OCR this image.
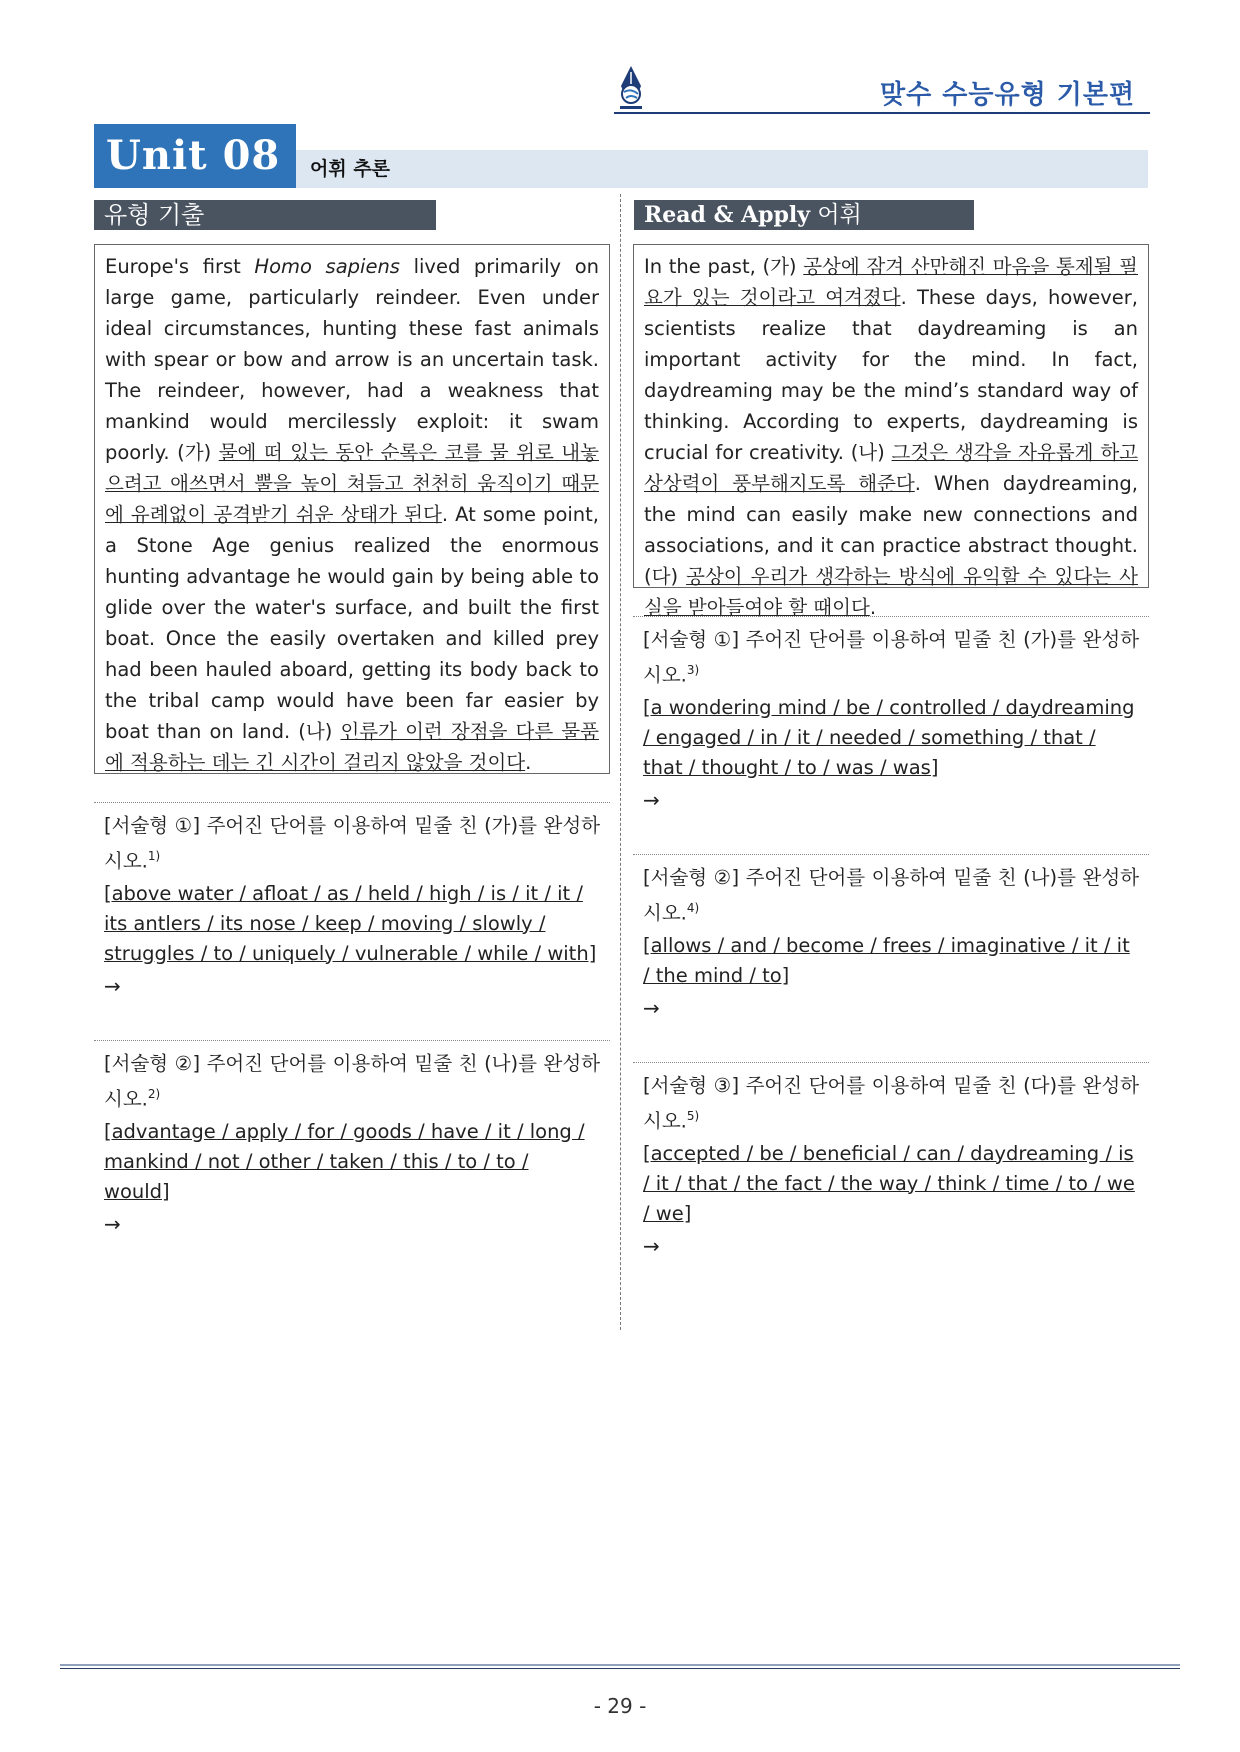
맞수 수능유형 기본편
Unit 08	어휘 추론
유형 기출	Read & Apply 어휘
Europe's first Homo sapiens lived primarily on large game, particularly reindeer. Even under ideal circumstances, hunting these fast animals with spear or bow and arrow is an uncertain task. The reindeer, however, had a weakness that mankind would mercilessly exploit: it swam poorly. (가) 물에 떠 있는 동안 순록은 코를 물 위로 내놓으려고 애쓰면서 뿔을 높이 쳐들고 천천히 움직이기 때문에 유례없이 공격받기 쉬운 상태가 된다. At some point, a Stone Age genius realized the enormous hunting advantage he would gain by being able to glide over the water's surface, and built the first boat. Once the easily overtaken and killed prey had been hauled aboard, getting its body back to the tribal camp would have been far easier by boat than on land. (나) 인류가 이런 장점을 다른 물품에 적용하는 데는 긴 시간이 걸리지 않았을 것이다.
[서술형 ①] 주어진 단어를 이용하여 밑줄 친 (가)를 완성하시오.$^{1)}$
[above water / afloat / as / held / high / is / it / it / its antlers / its nose / keep / moving / slowly / struggles / to / uniquely / vulnerable / while / with]
→
[서술형 ②] 주어진 단어를 이용하여 밑줄 친 (나)를 완성하시오.$^{2)}$
[advantage / apply / for / goods / have / it / long / mankind / not / other / taken / this / to / to / would]
→
In the past, (가) 공상에 잠겨 산만해진 마음을 통제될 필요가 있는 것이라고 여겨졌다. These days, however, scientists realize that daydreaming is an important activity for the mind. In fact, daydreaming may be the mind’s standard way of thinking. According to experts, daydreaming is crucial for creativity. (나) 그것은 생각을 자유롭게 하고 상상력이 풍부해지도록 해준다. When daydreaming, the mind can easily make new connections and associations, and it can practice abstract thought. (다) 공상이 우리가 생각하는 방식에 유익할 수 있다는 사실을 받아들여야 할 때이다.
[서술형 ①] 주어진 단어를 이용하여 밑줄 친 (가)를 완성하시오.$^{3)}$
[a wondering mind / be / controlled / daydreaming / engaged / in / it / needed / something / that / that / thought / to / was / was]
→
[서술형 ②] 주어진 단어를 이용하여 밑줄 친 (나)를 완성하시오.$^{4)}$
[allows / and / become / frees / imaginative / it / it / the mind / to]
→
[서술형 ③] 주어진 단어를 이용하여 밑줄 친 (다)를 완성하시오.$^{5)}$
[accepted / be / beneficial / can / daydreaming / is / it / that / the fact / the way / think / time / to / we / we]
→
- 29 -
